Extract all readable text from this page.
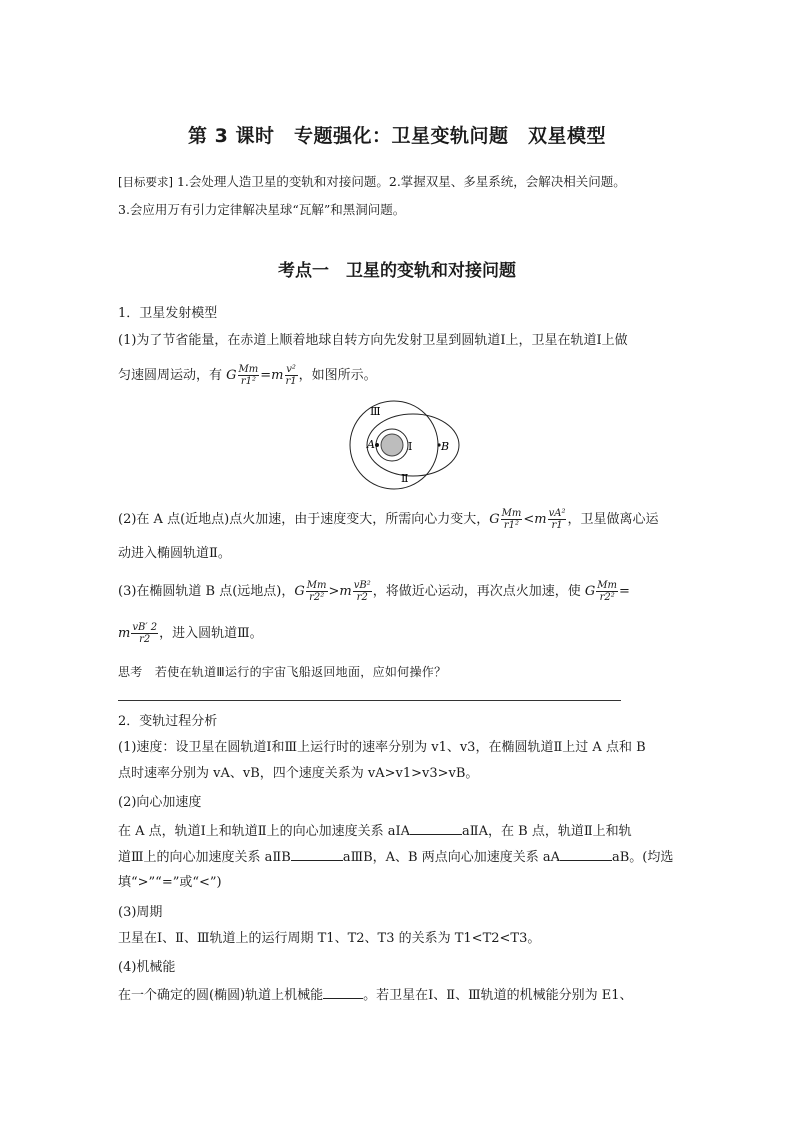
第 3 课时　专题强化：卫星变轨问题　双星模型
[目标要求] 1.会处理人造卫星的变轨和对接问题。2.掌握双星、多星系统，会解决相关问题。
3.会应用万有引力定律解决星球“瓦解”和黑洞问题。
考点一　卫星的变轨和对接问题
1．卫星发射模型
(1)为了节省能量，在赤道上顺着地球自转方向先发射卫星到圆轨道Ⅰ上，卫星在轨道Ⅰ上做
匀速圆周运动，有 G $\frac{Mm}{\text{r1²}} =m \frac{\text{v²}}{r1}$ ，如图所示。
A	B
Ⅰ
Ⅱ
Ⅲ
(2)在 A 点(近地点)点火加速，由于速度变大，所需向心力变大，G $\frac{Mm}{\text{r1²}} <m \frac{\text{vA²}}{r1}$ ，卫星做离心运
动进入椭圆轨道Ⅱ。
(3)在椭圆轨道 B 点(远地点)，G $\frac{Mm}{\text{r2²}} >m \frac{\text{vB²}}{r2}$ ，将做近心运动，再次点火加速，使 G $\frac{Mm}{\text{r2²}}$ =
m $\frac{vB' 2}{r2}$ ，进入圆轨道Ⅲ。
思考　若使在轨道Ⅲ运行的宇宙飞船返回地面，应如何操作？
2．变轨过程分析
(1)速度：设卫星在圆轨道Ⅰ和Ⅲ上运行时的速率分别为 v1、v3，在椭圆轨道Ⅱ上过 A 点和 B
点时速率分别为 vA、vB，四个速度关系为 vA>v1>v3>vB。
(2)向心加速度
在 A 点，轨道Ⅰ上和轨道Ⅱ上的向心加速度关系 aⅠA	aⅡA，在 B 点，轨道Ⅱ上和轨
道Ⅲ上的向心加速度关系 aⅡB	aⅢB，A、B 两点向心加速度关系 aA	aB。(均选
填“>”“=”或“<”)
(3)周期
卫星在Ⅰ、Ⅱ、Ⅲ轨道上的运行周期 T1、T2、T3 的关系为 T1<T2<T3。
(4)机械能
在一个确定的圆(椭圆)轨道上机械能	。若卫星在Ⅰ、Ⅱ、Ⅲ轨道的机械能分别为 E1、
